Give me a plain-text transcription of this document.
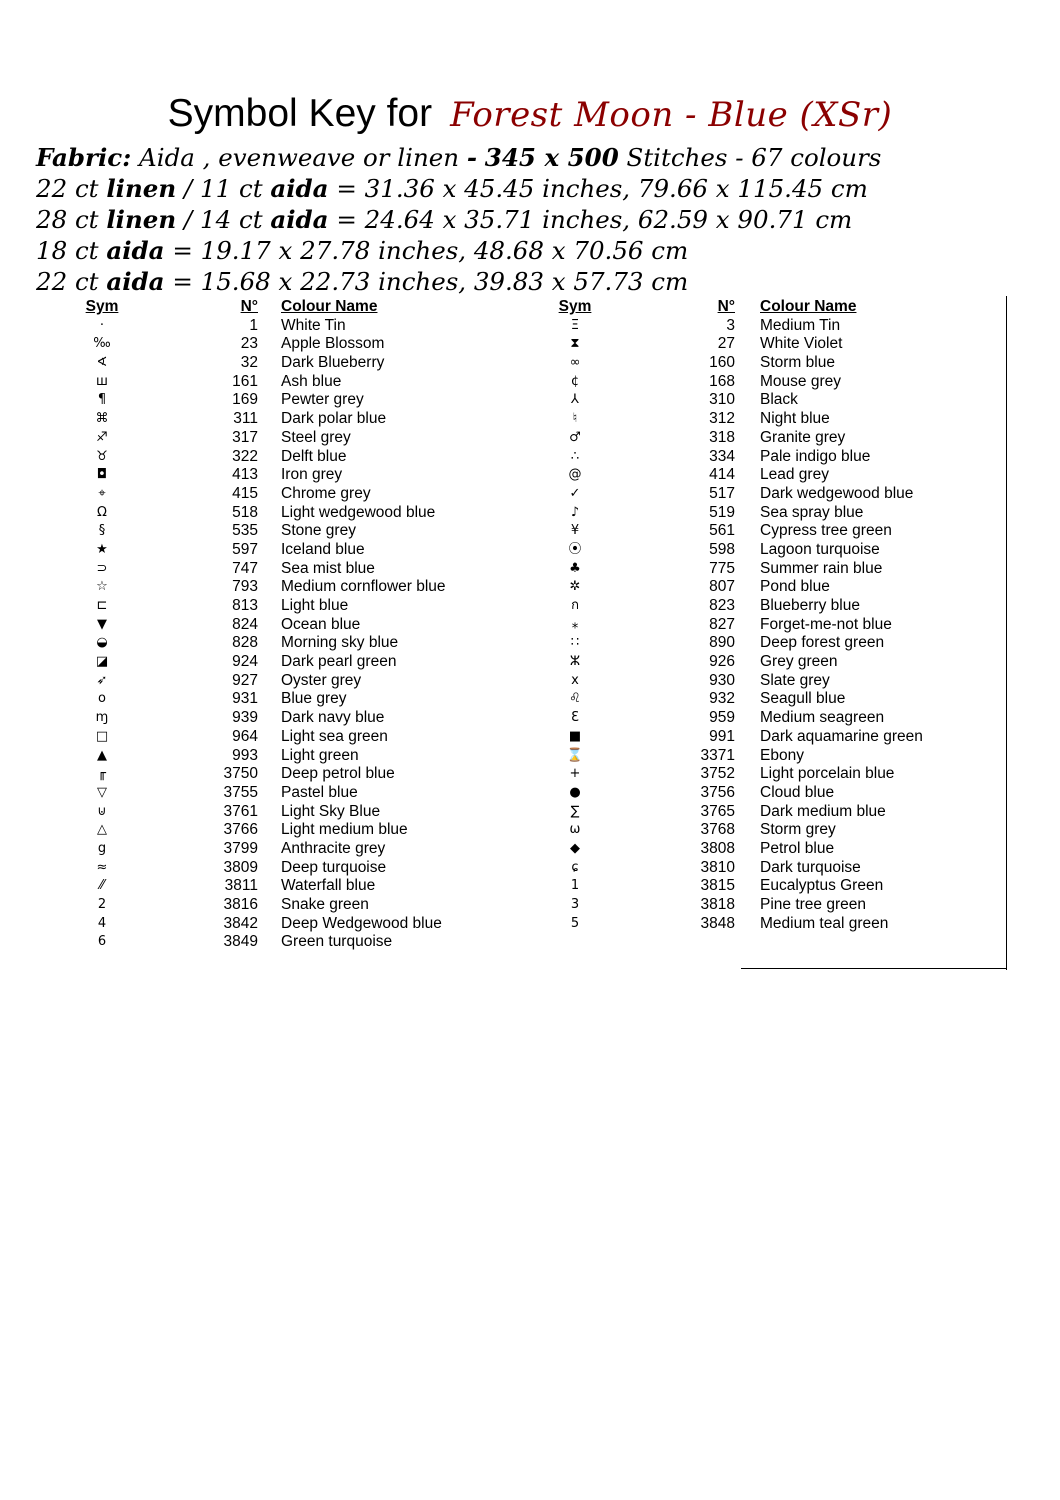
Symbol Key for Forest Moon - Blue (XSr)
Fabric: Aida , evenweave or linen - 345 x 500 Stitches - 67 colours
22 ct linen / 11 ct aida = 31.36 x 45.45 inches, 79.66 x 115.45 cm
28 ct linen / 14 ct aida = 24.64 x 35.71 inches, 62.59 x 90.71 cm
18 ct aida = 19.17 x 27.78 inches, 48.68 x 70.56 cm
22 ct aida = 15.68 x 22.73 inches, 39.83 x 57.73 cm
Sym	N° Colour Name
·	1 White Tin
‰	23 Apple Blossom
∢	32 Dark Blueberry
ш	161 Ash blue
¶	169 Pewter grey
⌘	311 Dark polar blue
♐	317 Steel grey
♉	322 Delft blue
◘	413 Iron grey
⌖	415 Chrome grey
Ω	518 Light wedgewood blue
§	535 Stone grey
★	597 Iceland blue
⊃	747 Sea mist blue
☆	793 Medium cornflower blue
⊏	813 Light blue
▼	824 Ocean blue
◒	828 Morning sky blue
◪	924 Dark pearl green
➶	927 Oyster grey
o	931 Blue grey
ɱ	939 Dark navy blue
□	964 Light sea green
▲	993 Light green
╓	3750 Deep petrol blue
▽	3755 Pastel blue
⊍	3761 Light Sky Blue
△	3766 Light medium blue
g	3799 Anthracite grey
≈	3809 Deep turquoise
⁄⁄	3811 Waterfall blue
2	3816 Snake green
4	3842 Deep Wedgewood blue
6	3849 Green turquoise
Sym	N° Colour Name
Ξ	3 Medium Tin
⧗	27 White Violet
∞	160 Storm blue
¢	168 Mouse grey
⅄	310 Black
♮	312 Night blue
♂	318 Granite grey
∴	334 Pale indigo blue
@	414 Lead grey
✓	517 Dark wedgewood blue
♪	519 Sea spray blue
¥	561 Cypress tree green
⦿	598 Lagoon turquoise
♣	775 Summer rain blue
✲	807 Pond blue
ก	823 Blueberry blue
⁎	827 Forget-me-not blue
∷	890 Deep forest green
ⵣ	926 Grey green
x	930 Slate grey
♌	932 Seagull blue
Ɛ	959 Medium seagreen
■	991 Dark aquamarine green
⌛	3371 Ebony
+	3752 Light porcelain blue
●	3756 Cloud blue
∑	3765 Dark medium blue
ω	3768 Storm grey
◆	3808 Petrol blue
ɕ	3810 Dark turquoise
1	3815 Eucalyptus Green
3	3818 Pine tree green
5	3848 Medium teal green
